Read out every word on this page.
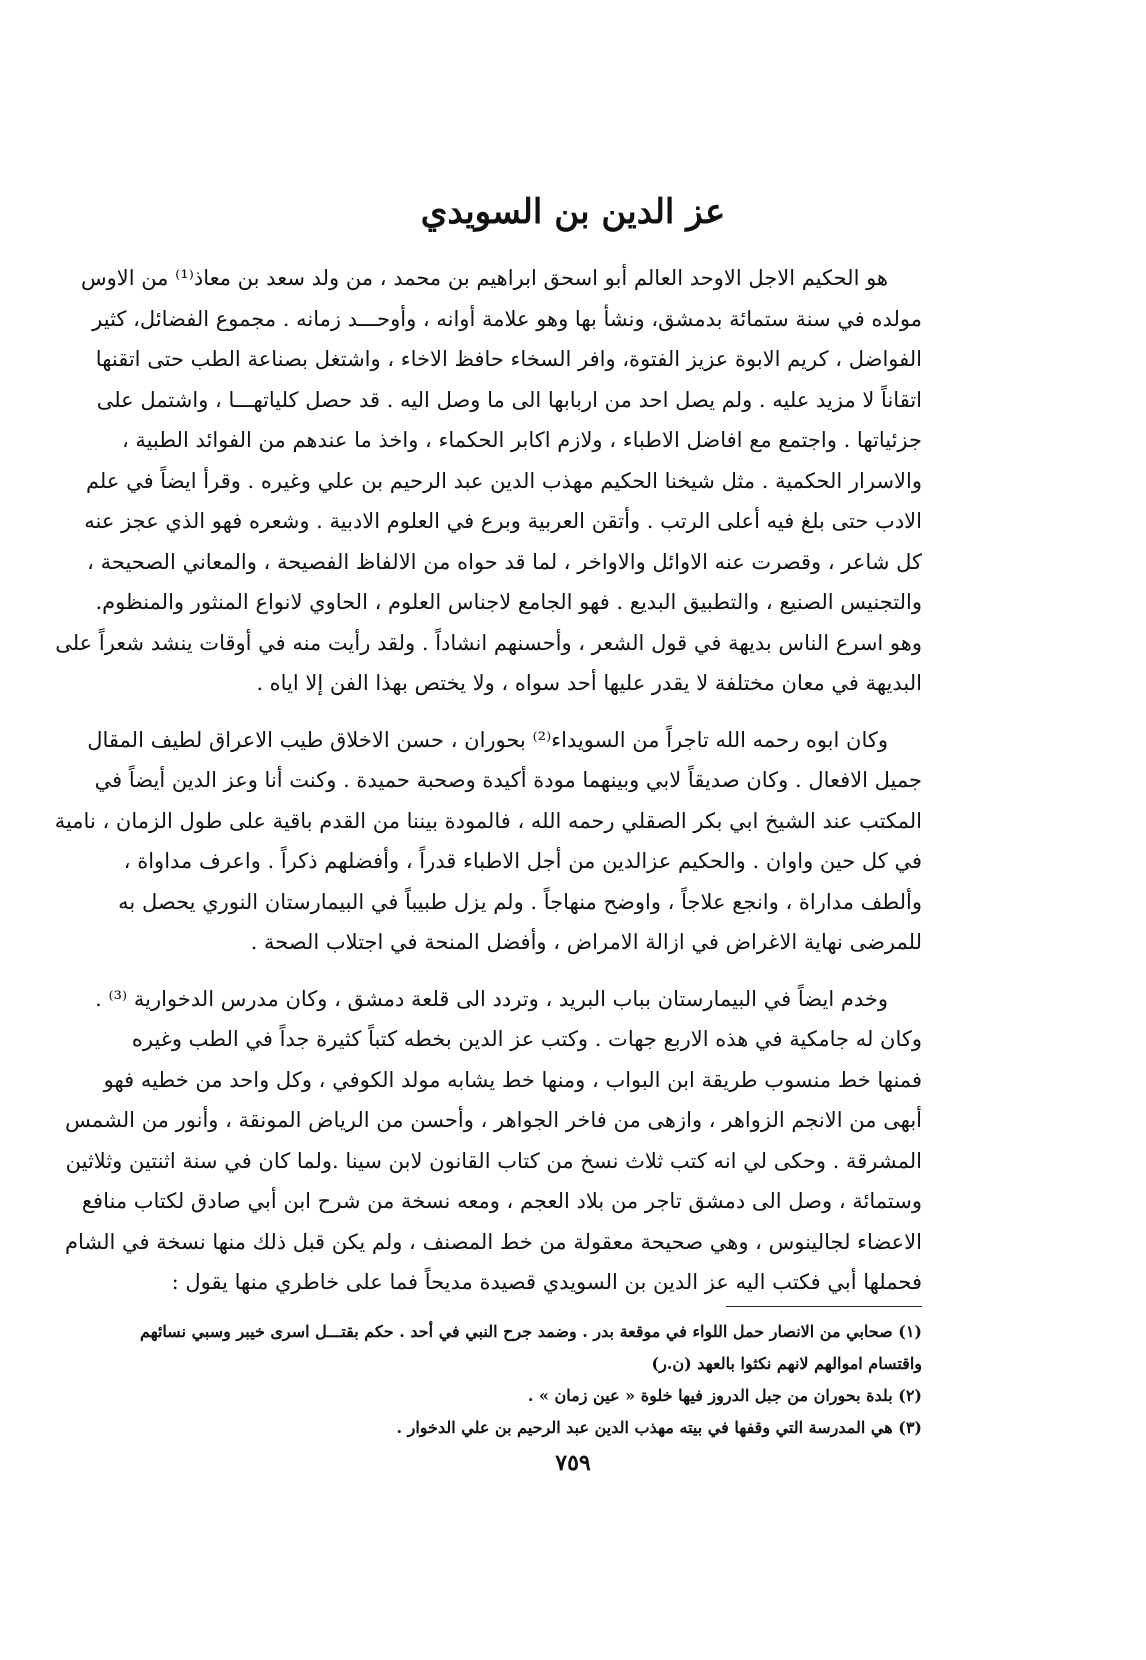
عز الدين بن السويدي
هو الحكيم الاجل الاوحد العالم أبو اسحق ابراهيم بن محمد ، من ولد سعد بن معاذ⁽¹⁾ من الاوس
مولده في سنة ستمائة بدمشق، ونشأ بها وهو علامة أوانه ، وأوحـــد زمانه . مجموع الفضائل، كثير
الفواضل ، كريم الابوة عزيز الفتوة، وافر السخاء حافظ الاخاء ، واشتغل بصناعة الطب حتى اتقنها
اتقاناً لا مزيد عليه . ولم يصل احد من اربابها الى ما وصل اليه . قد حصل كلياتهـــا ، واشتمل على
جزئياتها . واجتمع مع افاضل الاطباء ، ولازم اكابر الحكماء ، واخذ ما عندهم من الفوائد الطبية ،
والاسرار الحكمية . مثل شيخنا الحكيم مهذب الدين عبد الرحيم بن علي وغيره . وقرأ ايضاً في علم
الادب حتى بلغ فيه أعلى الرتب . وأتقن العربية وبرع في العلوم الادبية . وشعره فهو الذي عجز عنه
كل شاعر ، وقصرت عنه الاوائل والاواخر ، لما قد حواه من الالفاظ الفصيحة ، والمعاني الصحيحة ،
والتجنيس الصنيع ، والتطبيق البديع . فهو الجامع لاجناس العلوم ، الحاوي لانواع المنثور والمنظوم.
وهو اسرع الناس بديهة في قول الشعر ، وأحسنهم انشاداً . ولقد رأيت منه في أوقات ينشد شعراً على
البديهة في معان مختلفة لا يقدر عليها أحد سواه ، ولا يختص بهذا الفن إلا اياه .
وكان ابوه رحمه الله تاجراً من السويداء⁽²⁾ بحوران ، حسن الاخلاق طيب الاعراق لطيف المقال
جميل الافعال . وكان صديقاً لابي وبينهما مودة أكيدة وصحبة حميدة . وكنت أنا وعز الدين أيضاً في
المكتب عند الشيخ ابي بكر الصقلي رحمه الله ، فالمودة بيننا من القدم باقية على طول الزمان ، نامية
في كل حين واوان . والحكيم عزالدين من أجل الاطباء قدراً ، وأفضلهم ذكراً . واعرف مداواة ،
وألطف مداراة ، وانجع علاجاً ، واوضح منهاجاً . ولم يزل طبيباً في البيمارستان النوري يحصل به
للمرضى نهاية الاغراض في ازالة الامراض ، وأفضل المنحة في اجتلاب الصحة .
وخدم ايضاً في البيمارستان بباب البريد ، وتردد الى قلعة دمشق ، وكان مدرس الدخوارية ⁽³⁾ .
وكان له جامكية في هذه الاربع جهات . وكتب عز الدين بخطه كتباً كثيرة جداً في الطب وغيره
فمنها خط منسوب طريقة ابن البواب ، ومنها خط يشابه مولد الكوفي ، وكل واحد من خطيه فهو
أبهى من الانجم الزواهر ، وازهى من فاخر الجواهر ، وأحسن من الرياض المونقة ، وأنور من الشمس
المشرقة . وحكى لي انه كتب ثلاث نسخ من كتاب القانون لابن سينا .ولما كان في سنة اثنتين وثلاثين
وستمائة ، وصل الى دمشق تاجر من بلاد العجم ، ومعه نسخة من شرح ابن أبي صادق لكتاب منافع
الاعضاء لجالينوس ، وهي صحيحة معقولة من خط المصنف ، ولم يكن قبل ذلك منها نسخة في الشام
فحملها أبي فكتب اليه عز الدين بن السويدي قصيدة مديحاً فما على خاطري منها يقول :
(١) صحابي من الانصار حمل اللواء في موقعة بدر . وضمد جرح النبي في أحد . حكم بقتـــل اسرى خيبر وسبي نسائهم
واقتسام اموالهم لانهم نكثوا بالعهد (ن.ر)
(٢) بلدة بحوران من جبل الدروز فيها خلوة « عين زمان » .
(٣) هي المدرسة التي وقفها في بيته مهذب الدين عبد الرحيم بن علي الدخوار .
٧٥٩
